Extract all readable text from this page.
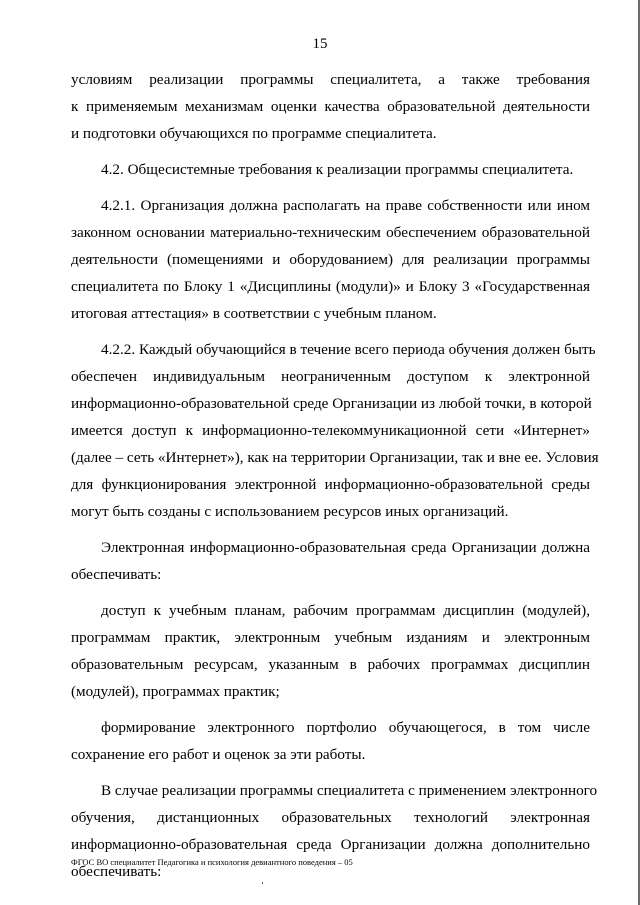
15

условиям реализации программы специалитета, а также требования

к применяемым механизмам оценки качества образовательной деятельности

и подготовки обучающихся по программе специалитета.

4.2. Общесистемные требования к реализации программы специалитета.

4.2.1. Организация должна располагать на праве собственности или ином

законном основании материально-техническим обеспечением образовательной

деятельности (помещениями и оборудованием) для реализации программы

специалитета по Блоку 1 «Дисциплины (модули)» и Блоку 3 «Государственная

итоговая аттестация» в соответствии с учебным планом.

4.2.2. Каждый обучающийся в течение всего периода обучения должен быть

обеспечен индивидуальным неограниченным доступом к электронной

информационно-образовательной среде Организации из любой точки, в которой

имеется доступ к информационно-телекоммуникационной сети «Интернет»

(далее – сеть «Интернет»), как на территории Организации, так и вне ее. Условия

для функционирования электронной информационно-образовательной среды

могут быть созданы с использованием ресурсов иных организаций.

Электронная информационно-образовательная среда Организации должна

обеспечивать:

доступ к учебным планам, рабочим программам дисциплин (модулей),

программам практик, электронным учебным изданиям и электронным

образовательным ресурсам, указанным в рабочих программах дисциплин

(модулей), программах практик;

формирование электронного портфолио обучающегося, в том числе

сохранение его работ и оценок за эти работы.

В случае реализации программы специалитета с применением электронного

обучения, дистанционных образовательных технологий электронная

информационно-образовательная среда Организации должна дополнительно

обеспечивать:

ФГОС ВО специалитет Педагогика и психология девиантного поведения – 05
